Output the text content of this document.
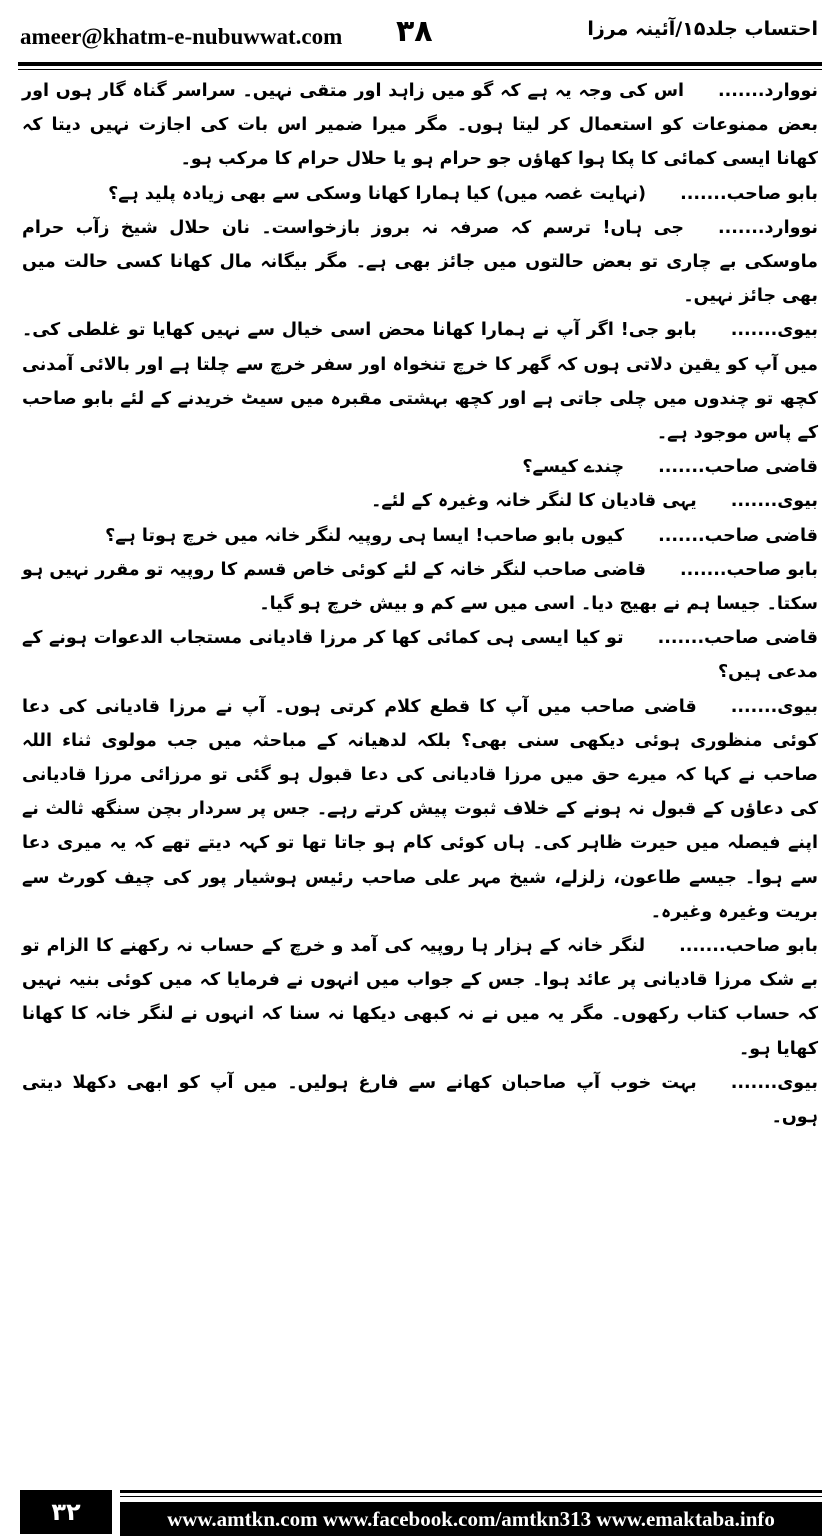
ameer@khatm-e-nubuwwat.com ۳۸	احتساب جلد۱۵/آئینہ مرزا

نووارد.......اس کی وجہ یہ ہے کہ گو میں زاہد اور متقی نہیں۔ سراسر گناہ گار ہوں اور بعض ممنوعات کو استعمال کر لیتا ہوں۔ مگر میرا ضمیر اس بات کی اجازت نہیں دیتا کہ کھانا ایسی کمائی کا پکا ہوا کھاؤں جو حرام ہو یا حلال حرام کا مرکب ہو۔

بابو صاحب.......(نہایت غصہ میں) کیا ہمارا کھانا وسکی سے بھی زیادہ پلید ہے؟

نووارد.......جی ہاں! ترسم کہ صرفہ نہ بروز بازخواست۔ نان حلال شیخ زآب حرام ماوسکی بے چاری تو بعض حالتوں میں جائز بھی ہے۔ مگر بیگانہ مال کھانا کسی حالت میں بھی جائز نہیں۔

بیوی.......بابو جی! اگر آپ نے ہمارا کھانا محض اسی خیال سے نہیں کھایا تو غلطی کی۔ میں آپ کو یقین دلاتی ہوں کہ گھر کا خرچ تنخواہ اور سفر خرچ سے چلتا ہے اور بالائی آمدنی کچھ تو چندوں میں چلی جاتی ہے اور کچھ بہشتی مقبرہ میں سیٹ خریدنے کے لئے بابو صاحب کے پاس موجود ہے۔

قاضی صاحب.......چندے کیسے؟

بیوی.......یہی قادیان کا لنگر خانہ وغیرہ کے لئے۔

قاضی صاحب.......کیوں بابو صاحب! ایسا ہی روپیہ لنگر خانہ میں خرچ ہوتا ہے؟

بابو صاحب.......قاضی صاحب لنگر خانہ کے لئے کوئی خاص قسم کا روپیہ تو مقرر نہیں ہو سکتا۔ جیسا ہم نے بھیج دیا۔ اسی میں سے کم و بیش خرچ ہو گیا۔

قاضی صاحب.......تو کیا ایسی ہی کمائی کھا کر مرزا قادیانی مستجاب الدعوات ہونے کے مدعی ہیں؟

بیوی.......قاضی صاحب میں آپ کا قطع کلام کرتی ہوں۔ آپ نے مرزا قادیانی کی دعا کوئی منظوری ہوئی دیکھی سنی بھی؟ بلکہ لدھیانہ کے مباحثہ میں جب مولوی ثناء اللہ صاحب نے کہا کہ میرے حق میں مرزا قادیانی کی دعا قبول ہو گئی تو مرزائی مرزا قادیانی کی دعاؤں کے قبول نہ ہونے کے خلاف ثبوت پیش کرتے رہے۔ جس پر سردار بچن سنگھ ثالث نے اپنے فیصلہ میں حیرت ظاہر کی۔ ہاں کوئی کام ہو جاتا تھا تو کہہ دیتے تھے کہ یہ میری دعا سے ہوا۔ جیسے طاعون، زلزلے، شیخ مہر علی صاحب رئیس ہوشیار پور کی چیف کورٹ سے بریت وغیرہ وغیرہ۔

بابو صاحب.......لنگر خانہ کے ہزار ہا روپیہ کی آمد و خرچ کے حساب نہ رکھنے کا الزام تو بے شک مرزا قادیانی پر عائد ہوا۔ جس کے جواب میں انہوں نے فرمایا کہ میں کوئی بنیہ نہیں کہ حساب کتاب رکھوں۔ مگر یہ میں نے نہ کبھی دیکھا نہ سنا کہ انہوں نے لنگر خانہ کا کھانا کھایا ہو۔

بیوی.......بہت خوب آپ صاحبان کھانے سے فارغ ہولیں۔ میں آپ کو ابھی دکھلا دیتی ہوں۔

۳۲	www.amtkn.com www.facebook.com/amtkn313 www.emaktaba.info
